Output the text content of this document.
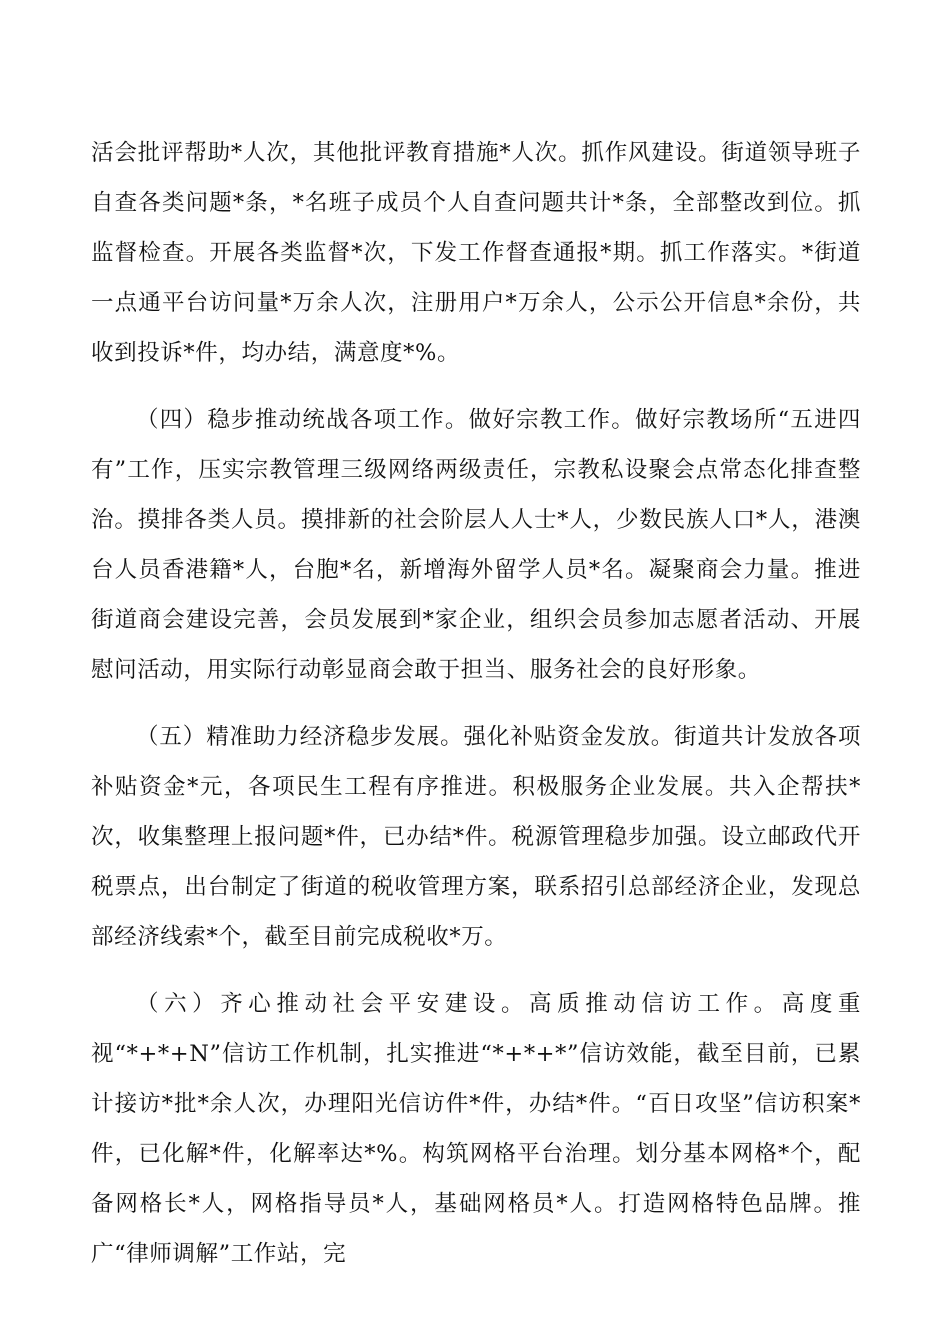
活会批评帮助*人次，其他批评教育措施*人次。抓作风建设。街道领导班子自查各类问题*条，*名班子成员个人自查问题共计*条，全部整改到位。抓监督检查。开展各类监督*次，下发工作督查通报*期。抓工作落实。*街道一点通平台访问量*万余人次，注册用户*万余人，公示公开信息*余份，共收到投诉*件，均办结，满意度*%。

（四）稳步推动统战各项工作。做好宗教工作。做好宗教场所“五进四有”工作，压实宗教管理三级网络两级责任，宗教私设聚会点常态化排查整治。摸排各类人员。摸排新的社会阶层人人士*人，少数民族人口*人，港澳台人员香港籍*人，台胞*名，新增海外留学人员*名。凝聚商会力量。推进街道商会建设完善，会员发展到*家企业，组织会员参加志愿者活动、开展慰问活动，用实际行动彰显商会敢于担当、服务社会的良好形象。

（五）精准助力经济稳步发展。强化补贴资金发放。街道共计发放各项补贴资金*元，各项民生工程有序推进。积极服务企业发展。共入企帮扶*次，收集整理上报问题*件，已办结*件。税源管理稳步加强。设立邮政代开税票点，出台制定了街道的税收管理方案，联系招引总部经济企业，发现总部经济线索*个，截至目前完成税收*万。

（六）齐心推动社会平安建设。高质推动信访工作。高度重视“*+*+N”信访工作机制，扎实推进“*+*+*”信访效能，截至目前，已累计接访*批*余人次，办理阳光信访件*件，办结*件。“百日攻坚”信访积案*件，已化解*件，化解率达*%。构筑网格平台治理。划分基本网格*个，配备网格长*人，网格指导员*人，基础网格员*人。打造网格特色品牌。推广“律师调解”工作站，完
